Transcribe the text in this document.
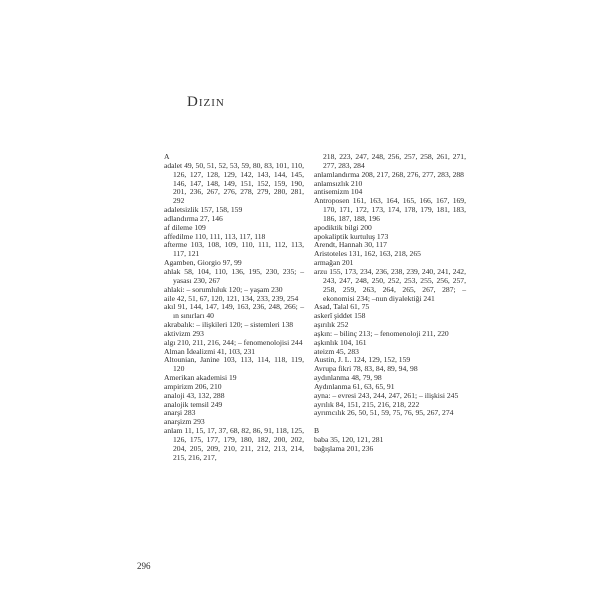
Dizin
A
adalet 49, 50, 51, 52, 53, 59, 80, 83, 101, 110, 126, 127, 128, 129, 142, 143, 144, 145, 146, 147, 148, 149, 151, 152, 159, 190, 201, 236, 267, 276, 278, 279, 280, 281, 292
adaletsizlik 157, 158, 159
adlandırma 27, 146
af dileme 109
affedilme 110, 111, 113, 117, 118
afterme 103, 108, 109, 110, 111, 112, 113, 117, 121
Agamben, Giorgio 97, 99
ahlak 58, 104, 110, 136, 195, 230, 235; – yasası 230, 267
ahlaki: – sorumluluk 120; – yaşam 230
aile 42, 51, 67, 120, 121, 134, 233, 239, 254
akıl 91, 144, 147, 149, 163, 236, 248, 266; –ın sınırları 40
akrabalık: – ilişkileri 120; – sistemleri 138
aktivizm 293
algı 210, 211, 216, 244; – fenomenolojisi 244
Alman İdealizmi 41, 103, 231
Altounian, Janine 103, 113, 114, 118, 119, 120
Amerikan akademisi 19
ampirizm 206, 210
analoji 43, 132, 288
analojik temsil 249
anarşi 283
anarşizm 293
anlam 11, 15, 17, 37, 68, 82, 86, 91, 118, 125, 126, 175, 177, 179, 180, 182, 200, 202, 204, 205, 209, 210, 211, 212, 213, 214, 215, 216, 217,
218, 223, 247, 248, 256, 257, 258, 261, 271, 277, 283, 284
anlamlandırma 208, 217, 268, 276, 277, 283, 288
anlamsızlık 210
antisemizm 104
Antroposen 161, 163, 164, 165, 166, 167, 169, 170, 171, 172, 173, 174, 178, 179, 181, 183, 186, 187, 188, 196
apodiktik bilgi 200
apokaliptik kurtuluş 173
Arendt, Hannah 30, 117
Aristoteles 131, 162, 163, 218, 265
armağan 201
arzu 155, 173, 234, 236, 238, 239, 240, 241, 242, 243, 247, 248, 250, 252, 253, 255, 256, 257, 258, 259, 263, 264, 265, 267, 287; – ekonomisi 234; –nun diyalektiği 241
Asad, Talal 61, 75
askerî şiddet 158
aşırılık 252
aşkın: – bilinç 213; – fenomenoloji 211, 220
aşkınlık 104, 161
ateizm 45, 283
Austin, J. L. 124, 129, 152, 159
Avrupa fikri 78, 83, 84, 89, 94, 98
aydınlanma 48, 79, 98
Aydınlanma 61, 63, 65, 91
ayna: – evresi 243, 244, 247, 261; – ilişkisi 245
ayrılık 84, 151, 215, 216, 218, 222
ayrımcılık 26, 50, 51, 59, 75, 76, 95, 267, 274
B
baba 35, 120, 121, 281
bağışlama 201, 236
296
